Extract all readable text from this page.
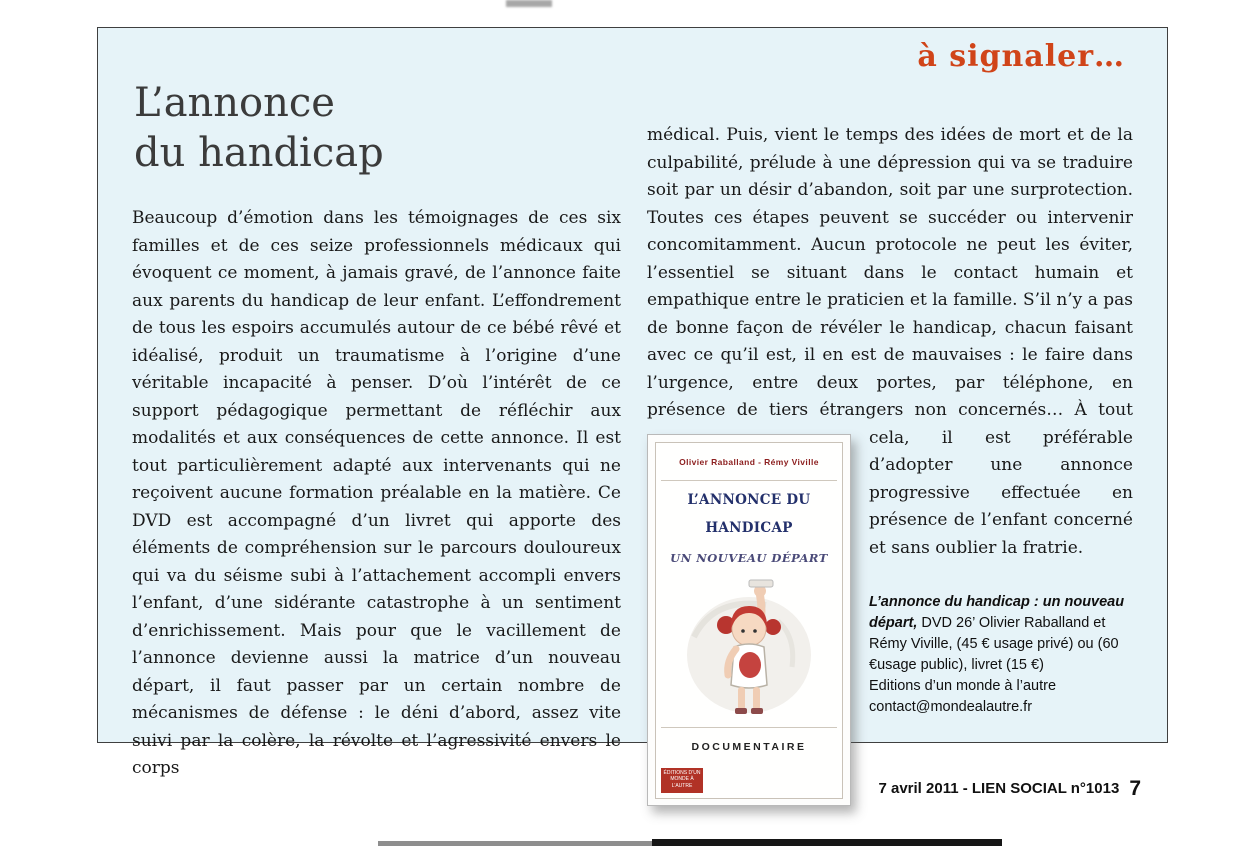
à signaler…
L’annonce
du handicap
Beaucoup d’émotion dans les témoignages de ces six familles et de ces seize professionnels médicaux qui évoquent ce moment, à jamais gravé, de l’annonce faite aux parents du handicap de leur enfant. L’effondrement de tous les espoirs accumulés autour de ce bébé rêvé et idéalisé, produit un traumatisme à l’origine d’une véritable incapacité à penser. D’où l’intérêt de ce support pédagogique permettant de réfléchir aux modalités et aux conséquences de cette annonce. Il est tout particulièrement adapté aux intervenants qui ne reçoivent aucune formation préalable en la matière. Ce DVD est accompagné d’un livret qui apporte des éléments de compréhension sur le parcours douloureux qui va du séisme subi à l’attachement accompli envers l’enfant, d’une sidérante catastrophe à un sentiment d’enrichissement. Mais pour que le vacillement de l’annonce devienne aussi la matrice d’un nouveau départ, il faut passer par un certain nombre de mécanismes de défense : le déni d’abord, assez vite suivi par la colère, la révolte et l’agressivité envers le corps
médical. Puis, vient le temps des idées de mort et de la culpabilité, prélude à une dépression qui va se traduire soit par un désir d’abandon, soit par une surprotection. Toutes ces étapes peuvent se succéder ou intervenir concomitamment. Aucun protocole ne peut les éviter, l’essentiel se situant dans le contact humain et empathique entre le praticien et la famille. S’il n’y a pas de bonne façon de révéler le handicap, chacun faisant avec ce qu’il est, il en est de mauvaises : le faire dans l’urgence, entre deux portes, par téléphone, en présence de tiers étrangers non concernés… À tout
Olivier Raballand - Rémy Viville
L’ANNONCE DU HANDICAP
UN NOUVEAU DÉPART
DOCUMENTAIRE
ÉDITIONS D’UN MONDE À L’AUTRE
cela, il est préférable d’adopter une annonce progressive effectuée en présence de l’enfant concerné et sans oublier la fratrie.
L’annonce du handicap : un nouveau départ, DVD 26’ Olivier Raballand et Rémy Viville, (45 € usage privé) ou (60 €usage public), livret (15 €)
Editions d’un monde à l’autre
contact@mondealautre.fr
7 avril 2011 - LIEN SOCIAL n°1013 7
